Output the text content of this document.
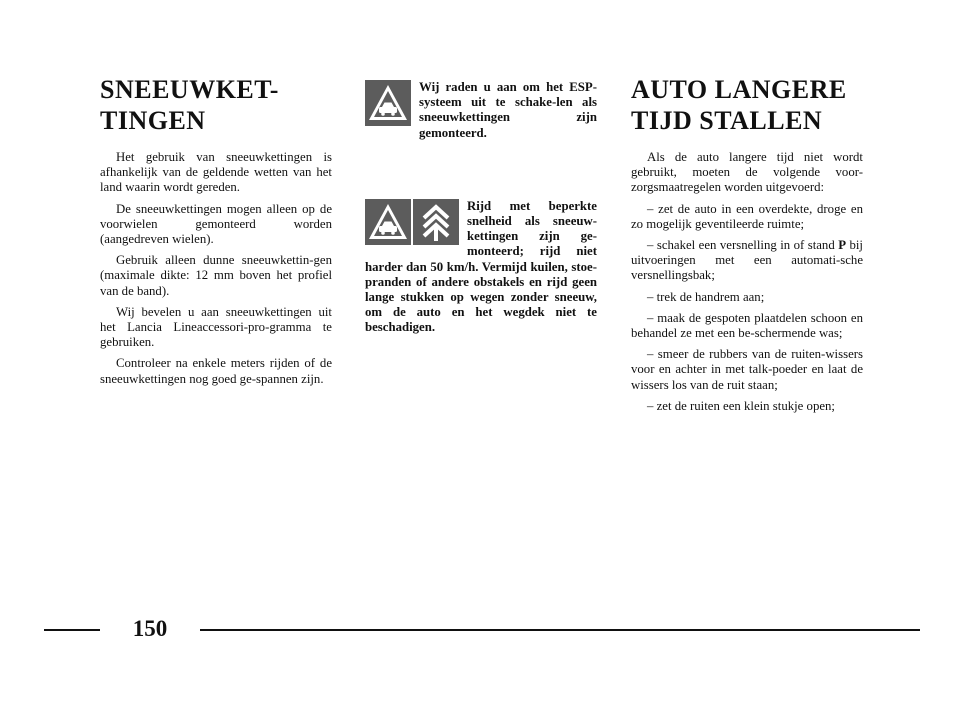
SNEEUWKET-
TINGEN

Het gebruik van sneeuwkettingen is afhankelijk van de geldende wetten van het land waarin wordt gereden.

De sneeuwkettingen mogen alleen op de voorwielen gemonteerd worden (aangedreven wielen).

Gebruik alleen dunne sneeuwkettin-gen (maximale dikte: 12 mm boven het profiel van de band).

Wij bevelen u aan sneeuwkettingen uit het Lancia Lineaccessori-pro-gramma te gebruiken.

Controleer na enkele meters rijden of de sneeuwkettingen nog goed ge-spannen zijn.

Wij raden u aan om het ESP-systeem uit te schake-len als sneeuwkettingen zijn gemonteerd.
Rijd met beperkte snelheid als sneeuw-kettingen zijn ge-monteerd; rijd niet harder dan 50 km/h. Vermijd kuilen, stoe-pranden of andere obstakels en rijd geen lange stukken op wegen zonder sneeuw, om de auto en het wegdek niet te beschadigen.
AUTO LANGERE
TIJD STALLEN

Als de auto langere tijd niet wordt gebruikt, moeten de volgende voor-zorgsmaatregelen worden uitgevoerd:

– zet de auto in een overdekte, droge en zo mogelijk geventileerde ruimte;

– schakel een versnelling in of stand P bij uitvoeringen met een automati-sche versnellingsbak;

– trek de handrem aan;

– maak de gespoten plaatdelen schoon en behandel ze met een be-schermende was;

– smeer de rubbers van de ruiten-wissers voor en achter in met talk-poeder en laat de wissers los van de ruit staan;

– zet de ruiten een klein stukje open;

150
